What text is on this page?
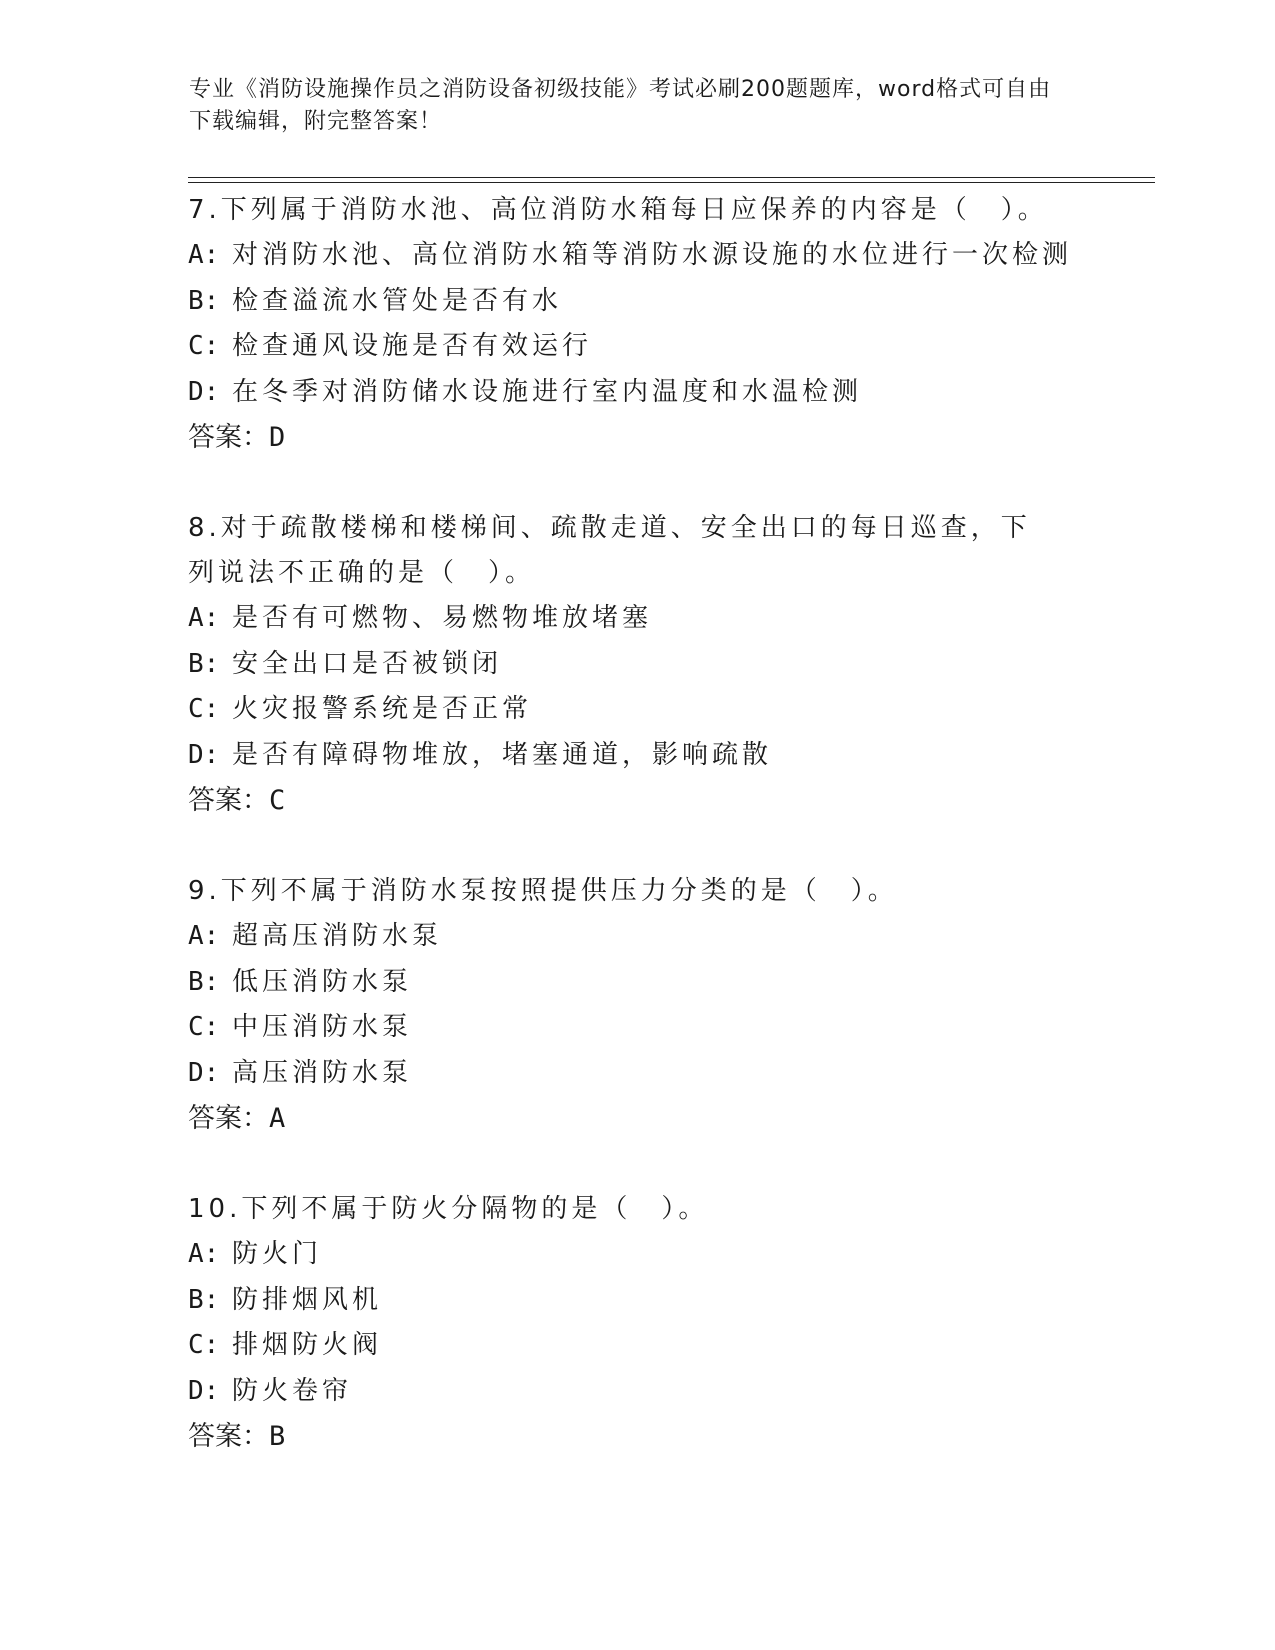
专业《消防设施操作员之消防设备初级技能》考试必刷200题题库，word格式可自由下载编辑，附完整答案！

7.下列属于消防水池、高位消防水箱每日应保养的内容是（　）。

A: 对消防水池、高位消防水箱等消防水源设施的水位进行一次检测

B: 检查溢流水管处是否有水

C: 检查通风设施是否有效运行

D: 在冬季对消防储水设施进行室内温度和水温检测

答案：D

8.对于疏散楼梯和楼梯间、疏散走道、安全出口的每日巡查，下列说法不正确的是（　）。

A: 是否有可燃物、易燃物堆放堵塞

B: 安全出口是否被锁闭

C: 火灾报警系统是否正常

D: 是否有障碍物堆放，堵塞通道，影响疏散

答案：C

9.下列不属于消防水泵按照提供压力分类的是（　）。

A: 超高压消防水泵

B: 低压消防水泵

C: 中压消防水泵

D: 高压消防水泵

答案：A

10.下列不属于防火分隔物的是（　）。

A: 防火门

B: 防排烟风机

C: 排烟防火阀

D: 防火卷帘

答案：B
